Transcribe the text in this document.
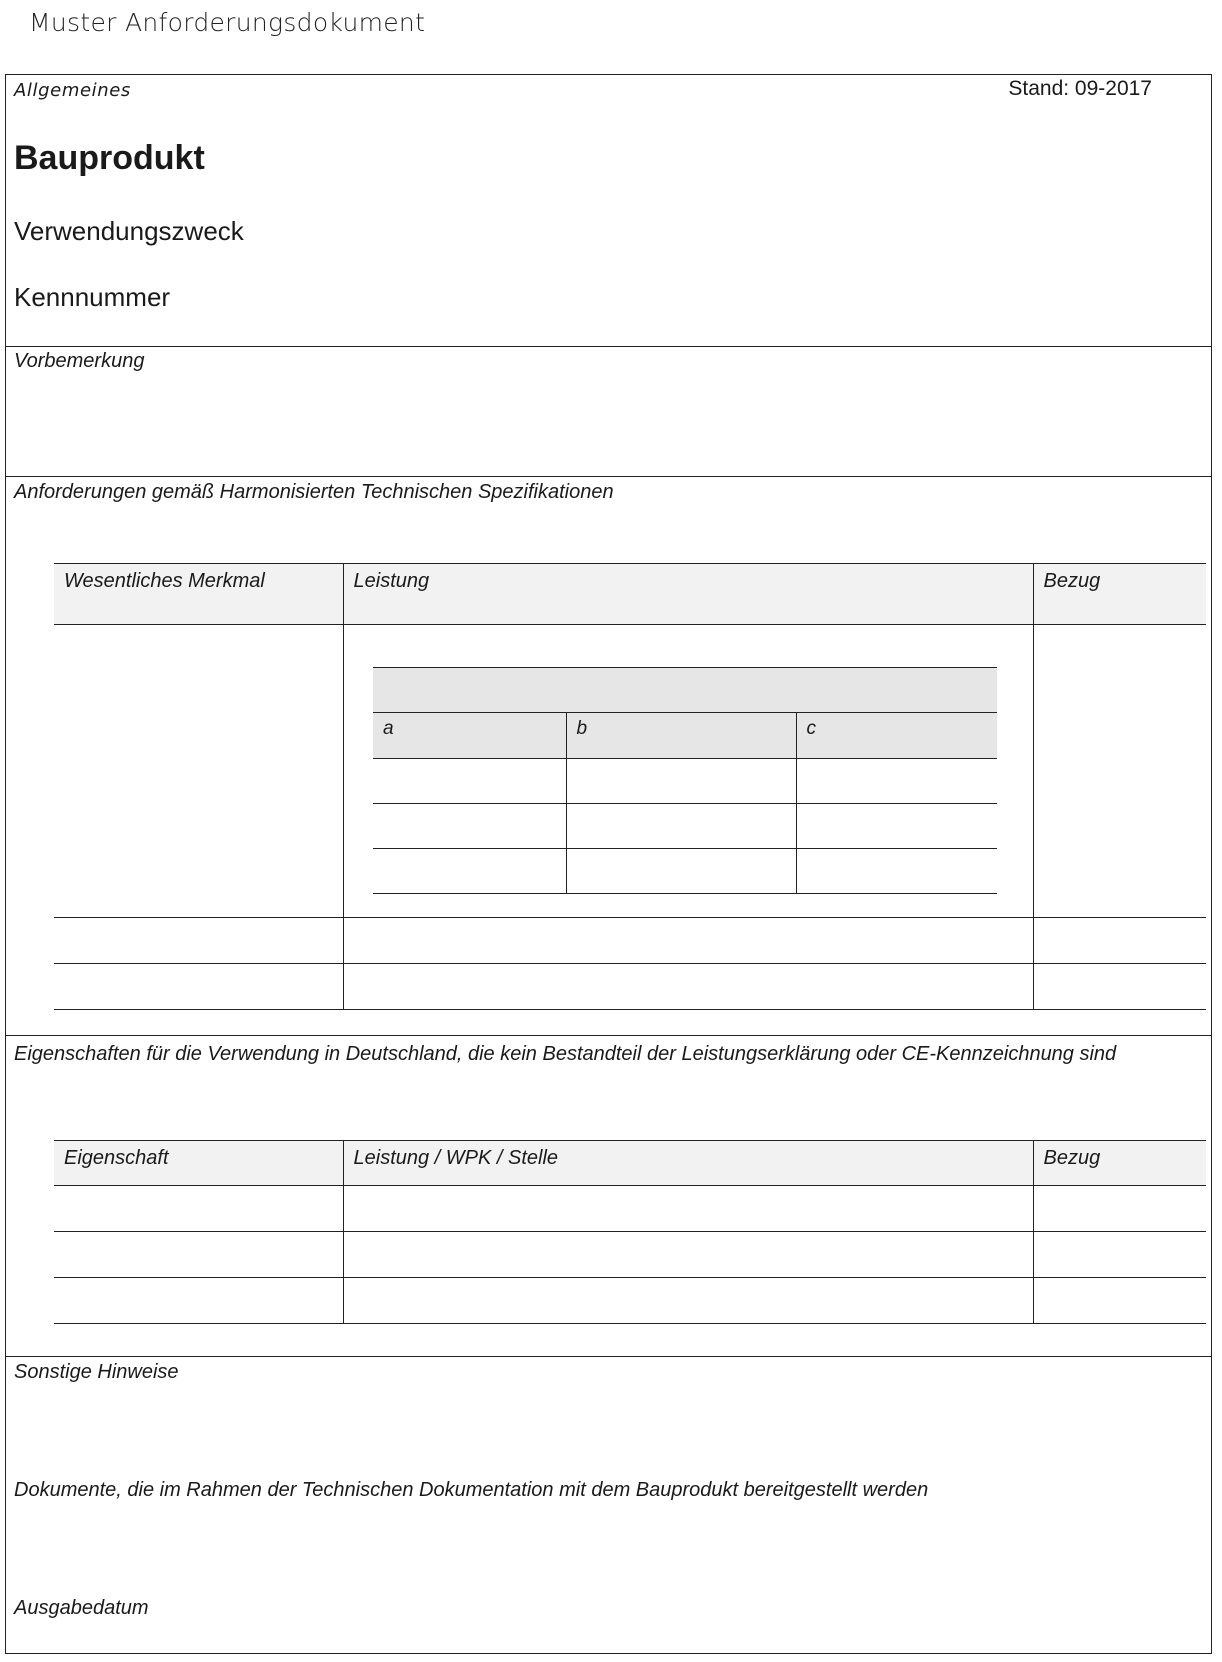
Muster Anforderungsdokument
Allgemeines	Stand: 09-2017
Bauprodukt
Verwendungszweck
Kennnummer
Vorbemerkung
Anforderungen gemäß Harmonisierten Technischen Spezifikationen
Wesentliches Merkmal	Leistung	Bezug

a	b	c

Eigenschaften für die Verwendung in Deutschland, die kein Bestandteil der Leistungserklärung oder CE-Kennzeichnung sind
Eigenschaft	Leistung / WPK / Stelle	Bezug

Sonstige Hinweise
Dokumente, die im Rahmen der Technischen Dokumentation mit dem Bauprodukt bereitgestellt werden
Ausgabedatum
